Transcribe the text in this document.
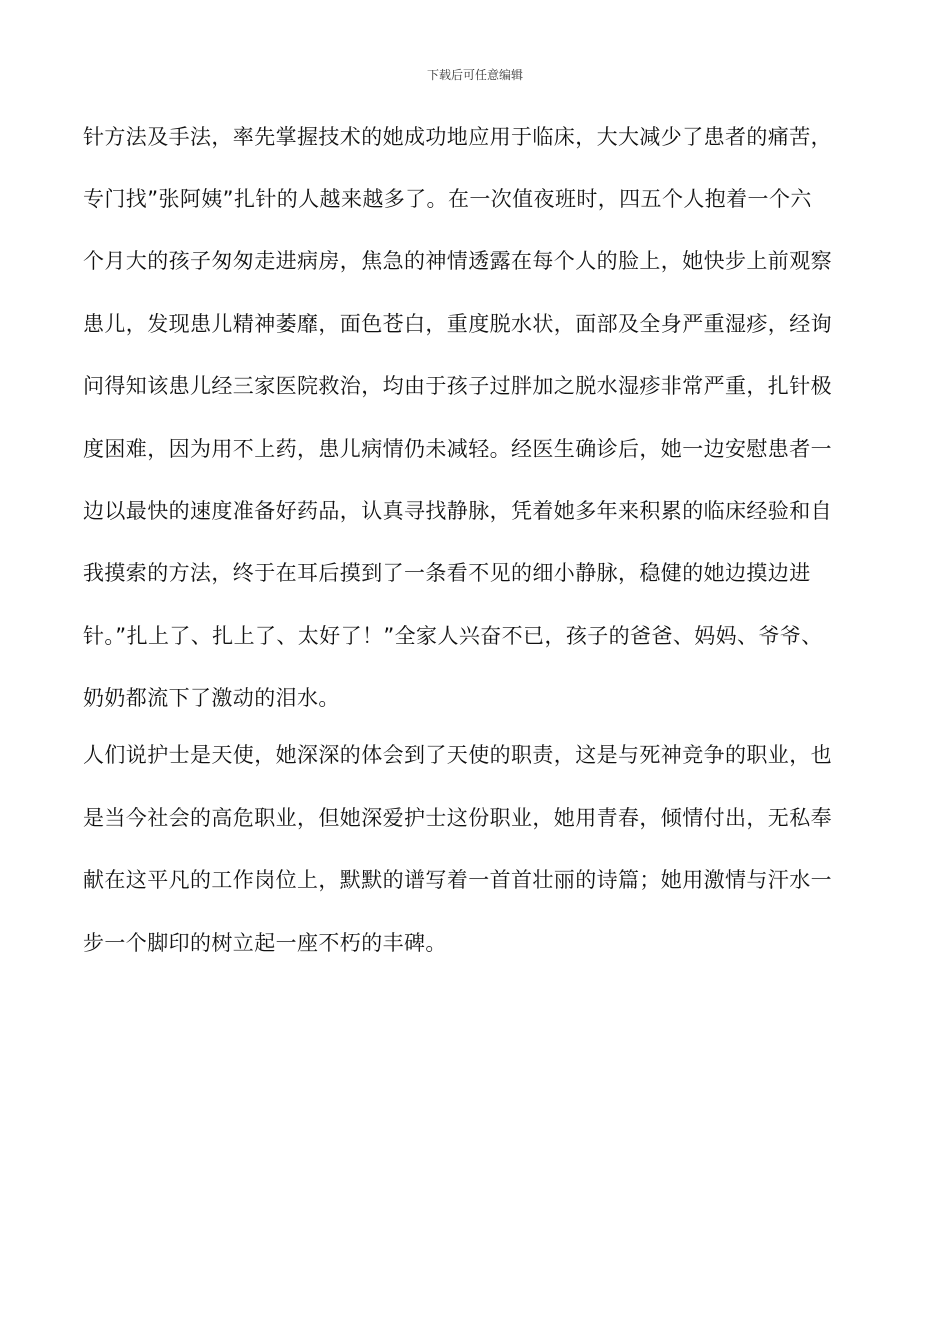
下载后可任意编辑
针方法及手法，率先掌握技术的她成功地应用于临床，大大减少了患者的痛苦，
专门找”张阿姨”扎针的人越来越多了。在一次值夜班时，四五个人抱着一个六
个月大的孩子匆匆走进病房，焦急的神情透露在每个人的脸上，她快步上前观察
患儿，发现患儿精神萎靡，面色苍白，重度脱水状，面部及全身严重湿疹，经询
问得知该患儿经三家医院救治，均由于孩子过胖加之脱水湿疹非常严重，扎针极
度困难，因为用不上药，患儿病情仍未减轻。经医生确诊后，她一边安慰患者一
边以最快的速度准备好药品，认真寻找静脉，凭着她多年来积累的临床经验和自
我摸索的方法，终于在耳后摸到了一条看不见的细小静脉，稳健的她边摸边进
针。”扎上了、扎上了、太好了！”全家人兴奋不已，孩子的爸爸、妈妈、爷爷、
奶奶都流下了激动的泪水。
人们说护士是天使，她深深的体会到了天使的职责，这是与死神竞争的职业，也
是当今社会的高危职业，但她深爱护士这份职业，她用青春，倾情付出，无私奉
献在这平凡的工作岗位上，默默的谱写着一首首壮丽的诗篇；她用激情与汗水一
步一个脚印的树立起一座不朽的丰碑。
